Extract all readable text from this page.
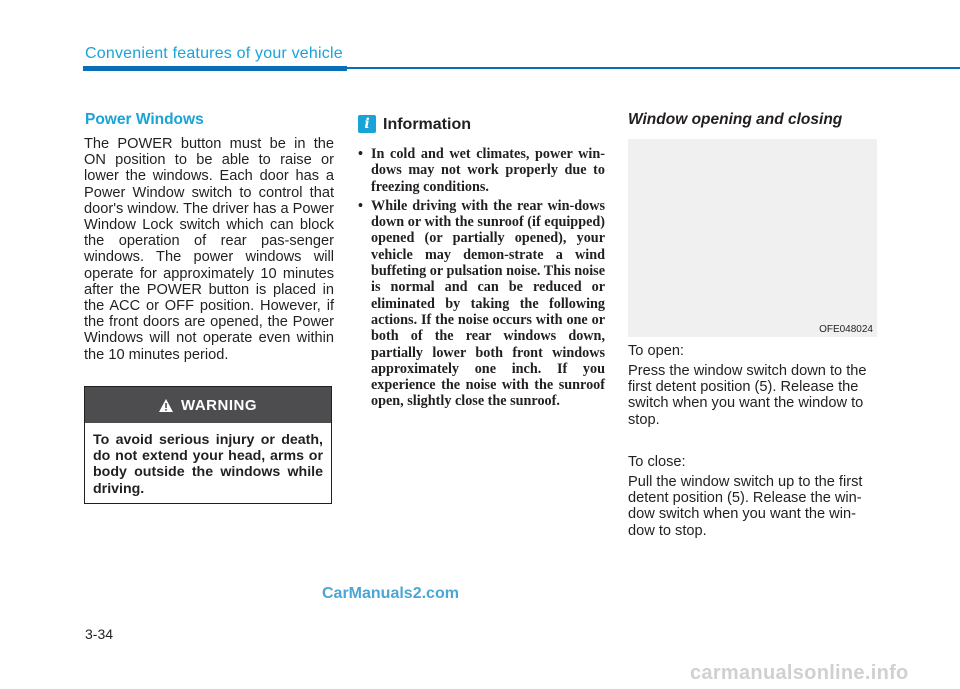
Convenient features of your vehicle
Power Windows
The POWER button must be in the ON position to be able to raise or lower the windows. Each door has a Power Window switch to control that door's window. The driver has a Power Window Lock switch which can block the operation of rear pas-senger windows. The power windows will operate for approximately 10 minutes after the POWER button is placed in the ACC or OFF position. However, if the front doors are opened, the Power Windows will not operate even within the 10 minutes period.
WARNING
To avoid serious injury or death, do not extend your head, arms or body outside the windows while driving.
i Information
• In cold and wet climates, power win-dows may not work properly due to freezing conditions.
• While driving with the rear win-dows down or with the sunroof (if equipped) opened (or partially opened), your vehicle may demon-strate a wind buffeting or pulsation noise. This noise is normal and can be reduced or eliminated by taking the following actions. If the noise occurs with one or both of the rear windows down, partially lower both front windows approximately one inch. If you experience the noise with the sunroof open, slightly close the sunroof.
Window opening and closing
OFE048024
To open:
Press the window switch down to the first detent position (5). Release the switch when you want the window to stop.
To close:
Pull the window switch up to the first detent position (5). Release the win-dow switch when you want the win-dow to stop.
CarManuals2.com
3-34
carmanualsonline.info
